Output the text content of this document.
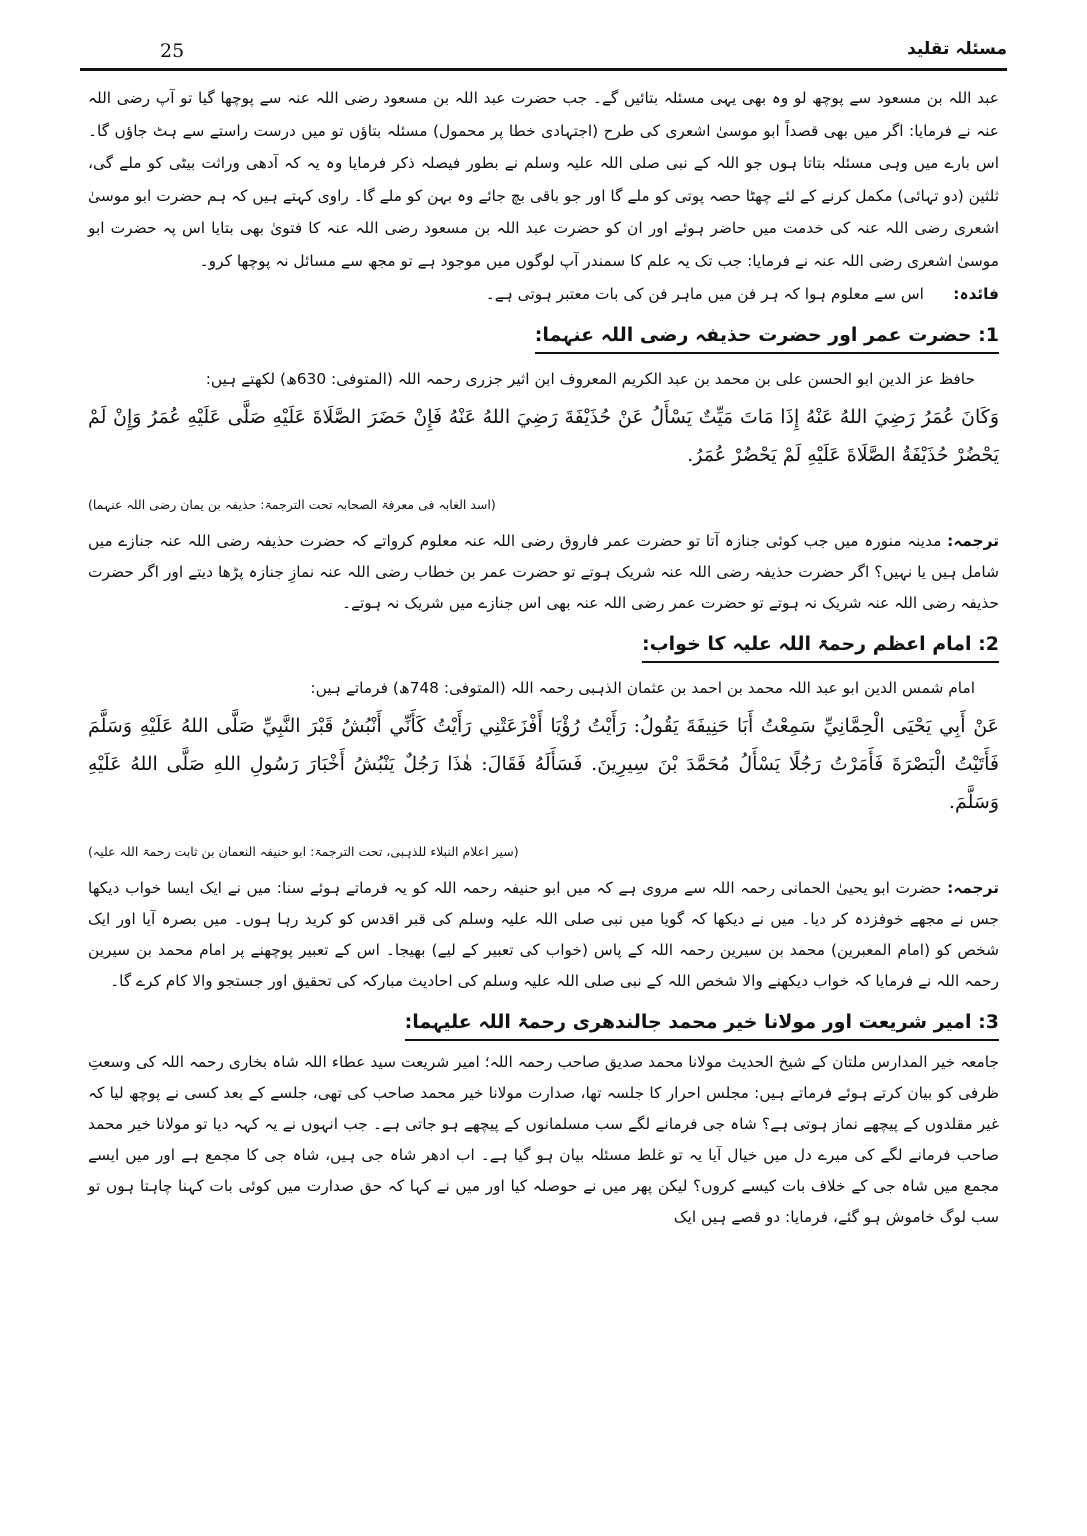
25	مسئلہ تقلید

عبد اللہ بن مسعود سے پوچھ لو وہ بھی یہی مسئلہ بتائیں گے۔ جب حضرت عبد اللہ بن مسعود رضی اللہ عنہ سے پوچھا گیا تو آپ رضی اللہ عنہ نے فرمایا: اگر میں بھی قصداً ابو موسیٰ اشعری کی طرح (اجتہادی خطا پر محمول) مسئلہ بتاؤں تو میں درست راستے سے ہٹ جاؤں گا۔ اس بارے میں وہی مسئلہ بتاتا ہوں جو اللہ کے نبی صلی اللہ علیہ وسلم نے بطور فیصلہ ذکر فرمایا وہ یہ کہ آدھی وراثت بیٹی کو ملے گی، ثلثین (دو تہائی) مکمل کرنے کے لئے چھٹا حصہ پوتی کو ملے گا اور جو باقی بچ جائے وہ بہن کو ملے گا۔ راوی کہتے ہیں کہ ہم حضرت ابو موسیٰ اشعری رضی اللہ عنہ کی خدمت میں حاضر ہوئے اور ان کو حضرت عبد اللہ بن مسعود رضی اللہ عنہ کا فتویٰ بھی بتایا اس پہ حضرت ابو موسیٰ اشعری رضی اللہ عنہ نے فرمایا: جب تک یہ علم کا سمندر آپ لوگوں میں موجود ہے تو مجھ سے مسائل نہ پوچھا کرو۔

فائدہ:      اس سے معلوم ہوا کہ ہر فن میں ماہر فن کی بات معتبر ہوتی ہے۔

1: حضرت عمر اور حضرت حذیفہ رضی اللہ عنہما:

حافظ عز الدین ابو الحسن علی بن محمد بن عبد الکریم المعروف ابن اثیر جزری رحمہ اللہ (المتوفی: 630ھ) لکھتے ہیں:

وَكَانَ عُمَرُ رَضِيَ اللهُ عَنْهُ إِذَا مَاتَ مَيِّتٌ يَسْأَلُ عَنْ حُذَيْفَةَ رَضِيَ اللهُ عَنْهُ فَإِنْ حَضَرَ الصَّلَاةَ عَلَيْهِ صَلَّى عَلَيْهِ عُمَرُ وَإِنْ لَمْ يَحْضُرْ حُذَيْفَةُ الصَّلَاةَ عَلَيْهِ لَمْ يَحْضُرْ عُمَرُ.

(اسد الغابہ فی معرفۃ الصحابہ تحت الترجمۃ: حذیفہ بن یمان رضی اللہ عنہما)

ترجمہ: مدینہ منورہ میں جب کوئی جنازہ آتا تو حضرت عمر فاروق رضی اللہ عنہ معلوم کرواتے کہ حضرت حذیفہ رضی اللہ عنہ جنازے میں شامل ہیں یا نہیں؟ اگر حضرت حذیفہ رضی اللہ عنہ شریک ہوتے تو حضرت عمر بن خطاب رضی اللہ عنہ نمازِ جنازہ پڑھا دیتے اور اگر حضرت حذیفہ رضی اللہ عنہ شریک نہ ہوتے تو حضرت عمر رضی اللہ عنہ بھی اس جنازے میں شریک نہ ہوتے۔

2: امام اعظم رحمۃ اللہ علیہ کا خواب:

امام شمس الدین ابو عبد اللہ محمد بن احمد بن عثمان الذہبی رحمہ اللہ (المتوفی: 748ھ) فرماتے ہیں:

عَنْ أَبِي يَحْيَى الْحِمَّانِيِّ سَمِعْتُ أَبَا حَنِيفَةَ يَقُولُ: رَأَيْتُ رُؤْيَا أَفْزَعَتْنِي رَأَيْتُ كَأَنِّي أَنْبُشُ قَبْرَ النَّبِيِّ صَلَّى اللهُ عَلَيْهِ وَسَلَّمَ فَأَتَيْتُ الْبَصْرَةَ فَأَمَرْتُ رَجُلًا يَسْأَلُ مُحَمَّدَ بْنَ سِيرِينَ. فَسَأَلَهُ فَقَالَ: هٰذَا رَجُلٌ يَنْبُشُ أَخْبَارَ رَسُولِ اللهِ صَلَّى اللهُ عَلَيْهِ وَسَلَّمَ.

(سیر اعلام النبلاء للذہبی، تحت الترجمۃ: ابو حنیفہ النعمان بن ثابت رحمۃ اللہ علیہ)

ترجمہ: حضرت ابو یحییٰ الحمانی رحمہ اللہ سے مروی ہے کہ میں ابو حنیفہ رحمہ اللہ کو یہ فرماتے ہوئے سنا: میں نے ایک ایسا خواب دیکھا جس نے مجھے خوفزدہ کر دیا۔ میں نے دیکھا کہ گویا میں نبی صلی اللہ علیہ وسلم کی قبر اقدس کو کرید رہا ہوں۔ میں بصرہ آیا اور ایک شخص کو (امام المعبرین) محمد بن سیرین رحمہ اللہ کے پاس (خواب کی تعبیر کے لیے) بھیجا۔ اس کے تعبیر پوچھنے پر امام محمد بن سیرین رحمہ اللہ نے فرمایا کہ خواب دیکھنے والا شخص اللہ کے نبی صلی اللہ علیہ وسلم کی احادیث مبارکہ کی تحقیق اور جستجو والا کام کرے گا۔

3: امیر شریعت اور مولانا خیر محمد جالندھری رحمۃ اللہ علیہما:

جامعہ خیر المدارس ملتان کے شیخ الحدیث مولانا محمد صدیق صاحب رحمہ اللہ؛ امیر شریعت سید عطاء اللہ شاہ بخاری رحمہ اللہ کی وسعتِ ظرفی کو بیان کرتے ہوئے فرماتے ہیں: مجلس احرار کا جلسہ تھا، صدارت مولانا خیر محمد صاحب کی تھی، جلسے کے بعد کسی نے پوچھ لیا کہ غیر مقلدوں کے پیچھے نماز ہوتی ہے؟ شاہ جی فرمانے لگے سب مسلمانوں کے پیچھے ہو جاتی ہے۔ جب انہوں نے یہ کہہ دیا تو مولانا خیر محمد صاحب فرمانے لگے کی میرے دل میں خیال آیا یہ تو غلط مسئلہ بیان ہو گیا ہے۔ اب ادھر شاہ جی ہیں، شاہ جی کا مجمع ہے اور میں ایسے مجمع میں شاہ جی کے خلاف بات کیسے کروں؟ لیکن پھر میں نے حوصلہ کیا اور میں نے کہا کہ حق صدارت میں کوئی بات کہنا چاہتا ہوں تو سب لوگ خاموش ہو گئے، فرمایا: دو قصے ہیں ایک
